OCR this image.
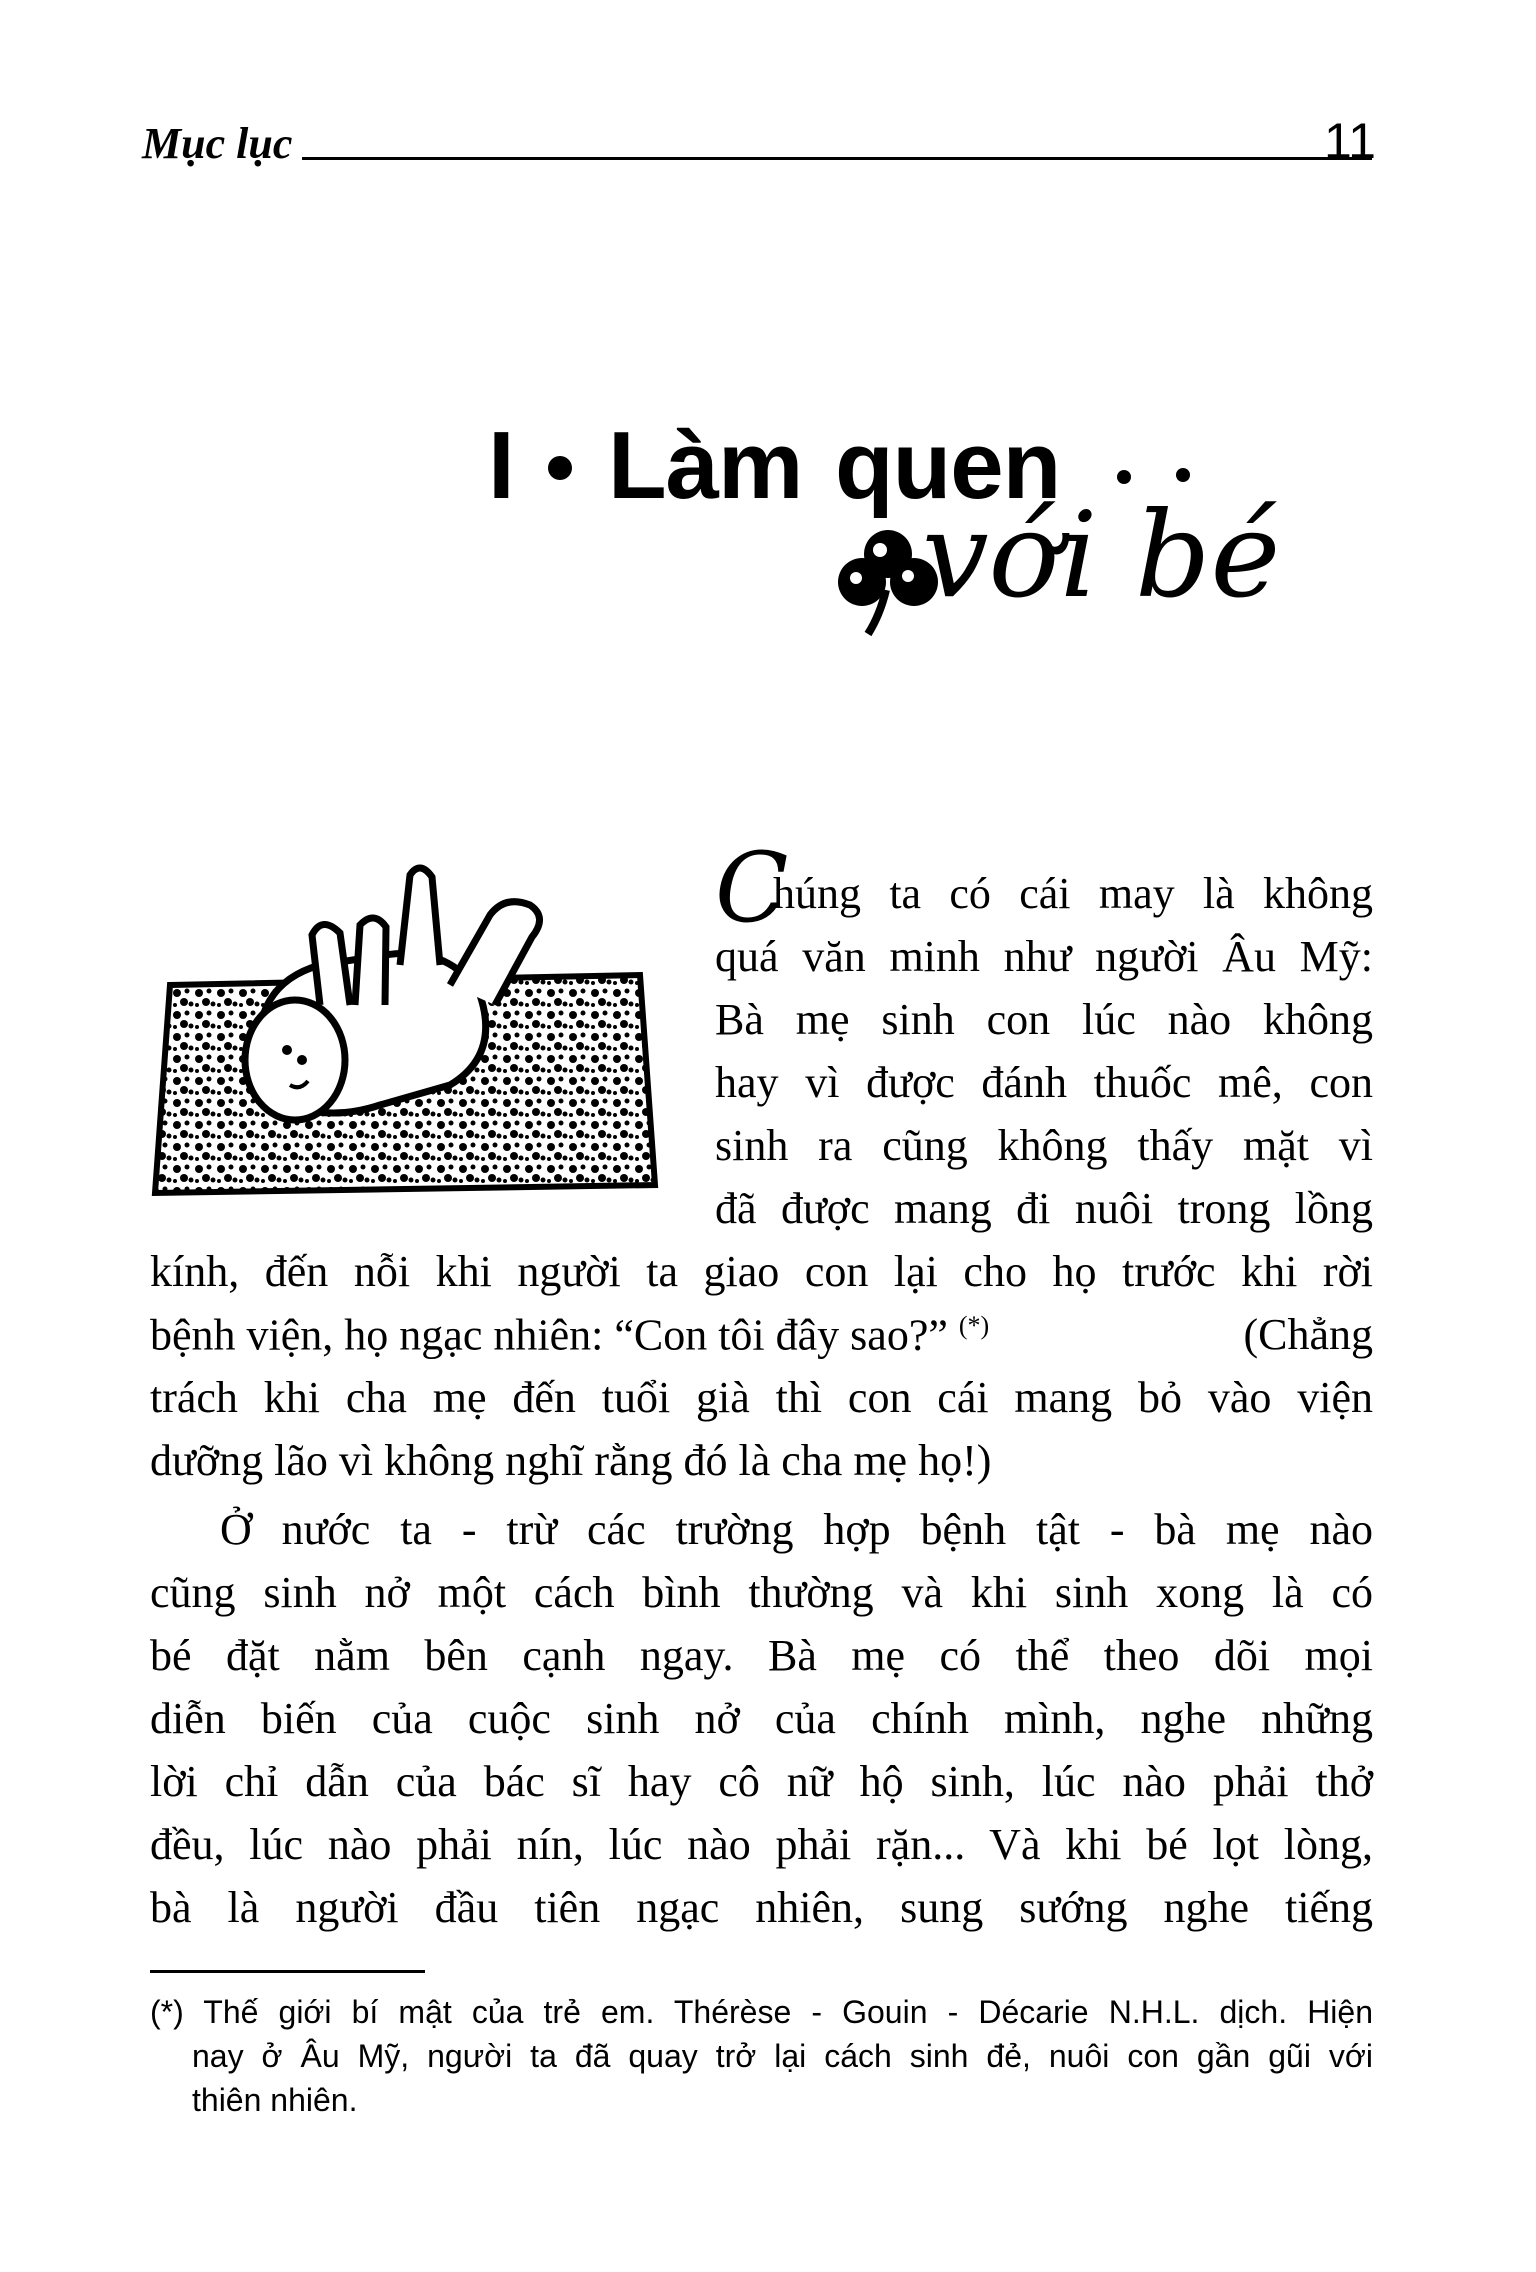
Mục lục	11
I Làm quen
với bé
C
húng ta có cái may là không
quá văn minh như người Âu Mỹ:
Bà mẹ sinh con lúc nào không
hay vì được đánh thuốc mê, con
sinh ra cũng không thấy mặt vì
đã được mang đi nuôi trong lồng
kính, đến nỗi khi người ta giao con lại cho họ trước khi rời
bệnh viện, họ ngạc nhiên: “Con tôi đây sao?” (*)	(Chẳng
trách khi cha mẹ đến tuổi già thì con cái mang bỏ vào viện
dưỡng lão vì không nghĩ rằng đó là cha mẹ họ!)
Ở nước ta - trừ các trường hợp bệnh tật - bà mẹ nào
cũng sinh nở một cách bình thường và khi sinh xong là có
bé đặt nằm bên cạnh ngay. Bà mẹ có thể theo dõi mọi
diễn biến của cuộc sinh nở của chính mình, nghe những
lời chỉ dẫn của bác sĩ hay cô nữ hộ sinh, lúc nào phải thở
đều, lúc nào phải nín, lúc nào phải rặn... Và khi bé lọt lòng,
bà là người đầu tiên ngạc nhiên, sung sướng nghe tiếng
(*) Thế giới bí mật của trẻ em. Thérèse - Gouin - Décarie N.H.L. dịch. Hiện
nay ở Âu Mỹ, người ta đã quay trở lại cách sinh đẻ, nuôi con gần gũi với
thiên nhiên.
